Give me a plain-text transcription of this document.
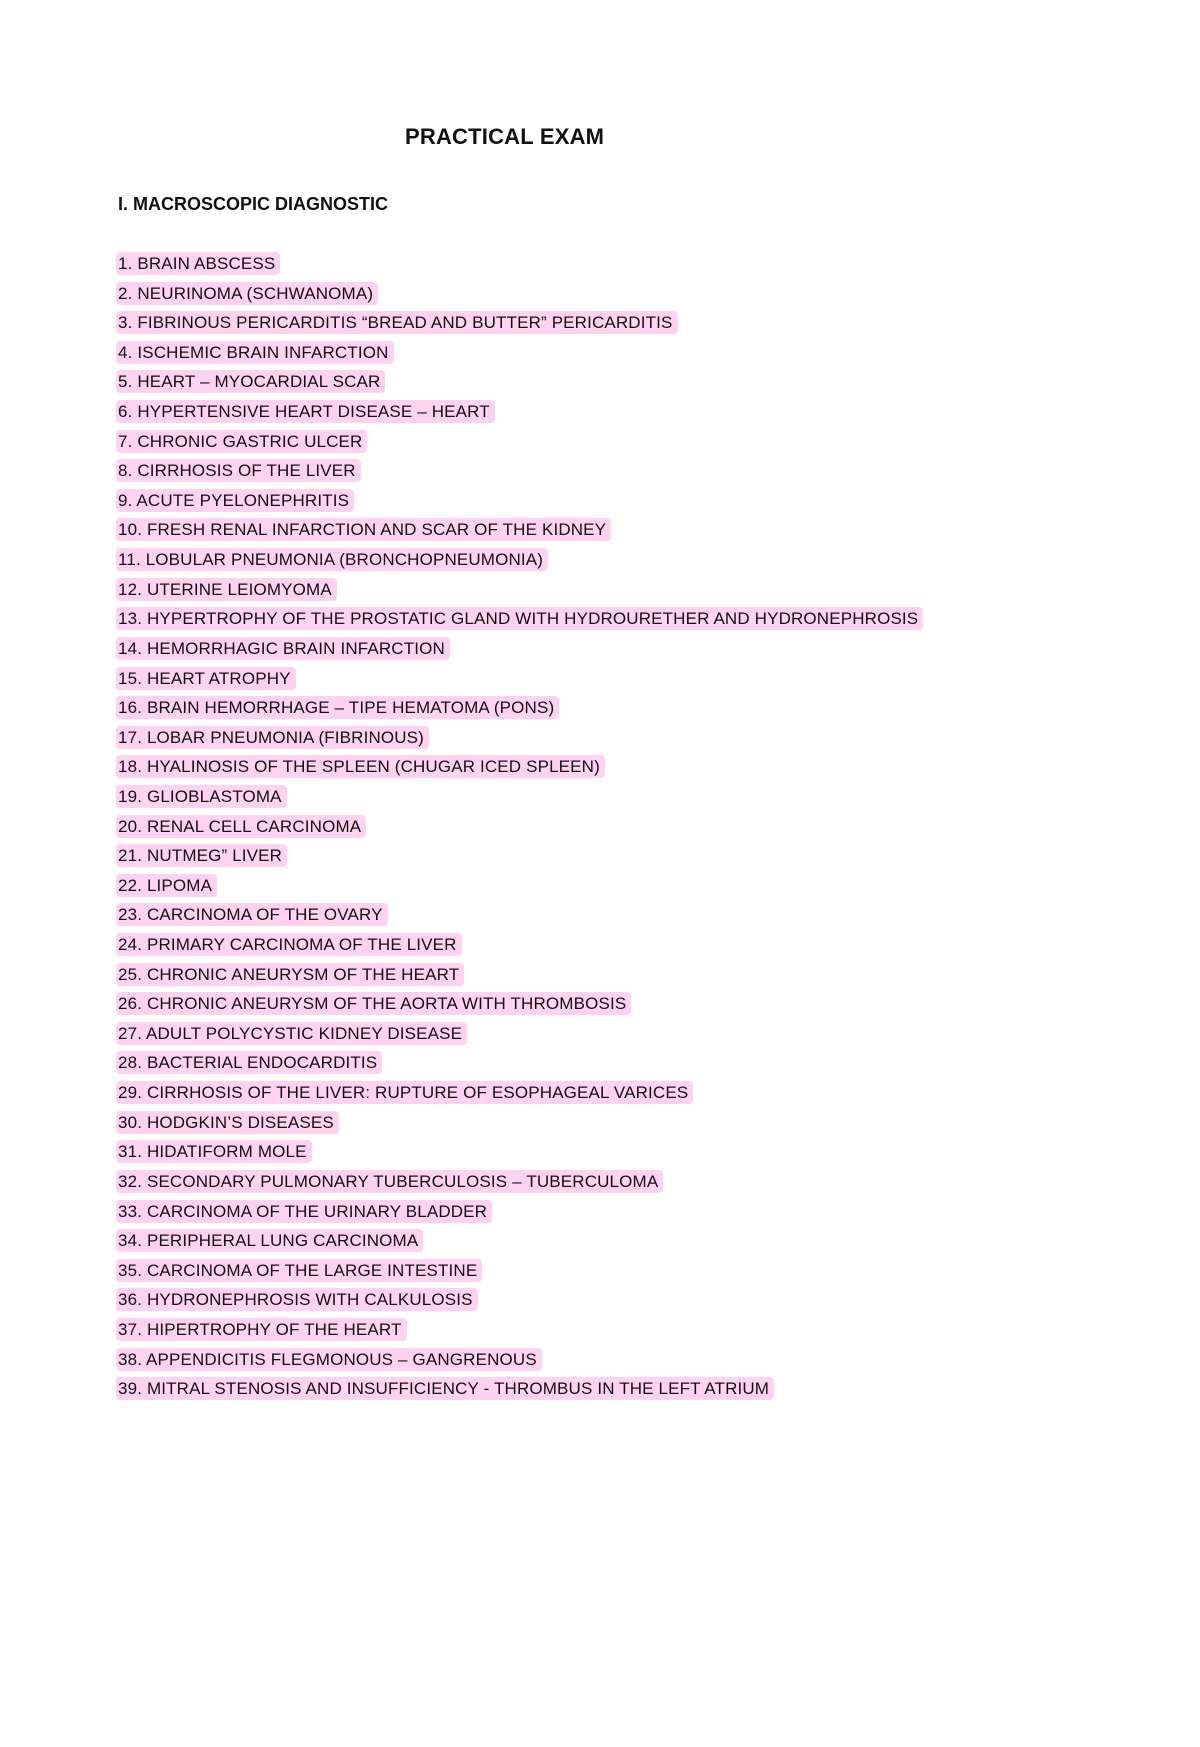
PRACTICAL EXAM
I. MACROSCOPIC DIAGNOSTIC
1. BRAIN ABSCESS
2. NEURINOMA (SCHWANOMA)
3. FIBRINOUS PERICARDITIS “BREAD AND BUTTER” PERICARDITIS
4. ISCHEMIC BRAIN INFARCTION
5. HEART – MYOCARDIAL SCAR
6. HYPERTENSIVE HEART DISEASE – HEART
7. CHRONIC GASTRIC ULCER
8. CIRRHOSIS OF THE LIVER
9. ACUTE PYELONEPHRITIS
10. FRESH RENAL INFARCTION AND SCAR OF THE KIDNEY
11. LOBULAR PNEUMONIA (BRONCHOPNEUMONIA)
12. UTERINE LEIOMYOMA
13. HYPERTROPHY OF THE PROSTATIC GLAND WITH HYDROURETHER AND HYDRONEPHROSIS
14. HEMORRHAGIC BRAIN INFARCTION
15. HEART ATROPHY
16. BRAIN HEMORRHAGE – TIPE HEMATOMA (PONS)
17. LOBAR PNEUMONIA (FIBRINOUS)
18. HYALINOSIS OF THE SPLEEN (CHUGAR ICED SPLEEN)
19. GLIOBLASTOMA
20. RENAL CELL CARCINOMA
21. NUTMEG” LIVER
22. LIPOMA
23. CARCINOMA OF THE OVARY
24. PRIMARY CARCINOMA OF THE LIVER
25. CHRONIC ANEURYSM OF THE HEART
26. CHRONIC ANEURYSM OF THE AORTA WITH THROMBOSIS
27. ADULT POLYCYSTIC KIDNEY DISEASE
28. BACTERIAL ENDOCARDITIS
29. CIRRHOSIS OF THE LIVER: RUPTURE OF ESOPHAGEAL VARICES
30. HODGKIN’S DISEASES
31. HIDATIFORM MOLE
32. SECONDARY PULMONARY TUBERCULOSIS – TUBERCULOMA
33. CARCINOMA OF THE URINARY BLADDER
34. PERIPHERAL LUNG CARCINOMA
35. CARCINOMA OF THE LARGE INTESTINE
36. HYDRONEPHROSIS WITH CALKULOSIS
37. HIPERTROPHY OF THE HEART
38. APPENDICITIS FLEGMONOUS – GANGRENOUS
39. MITRAL STENOSIS AND INSUFFICIENCY - THROMBUS IN THE LEFT ATRIUM
